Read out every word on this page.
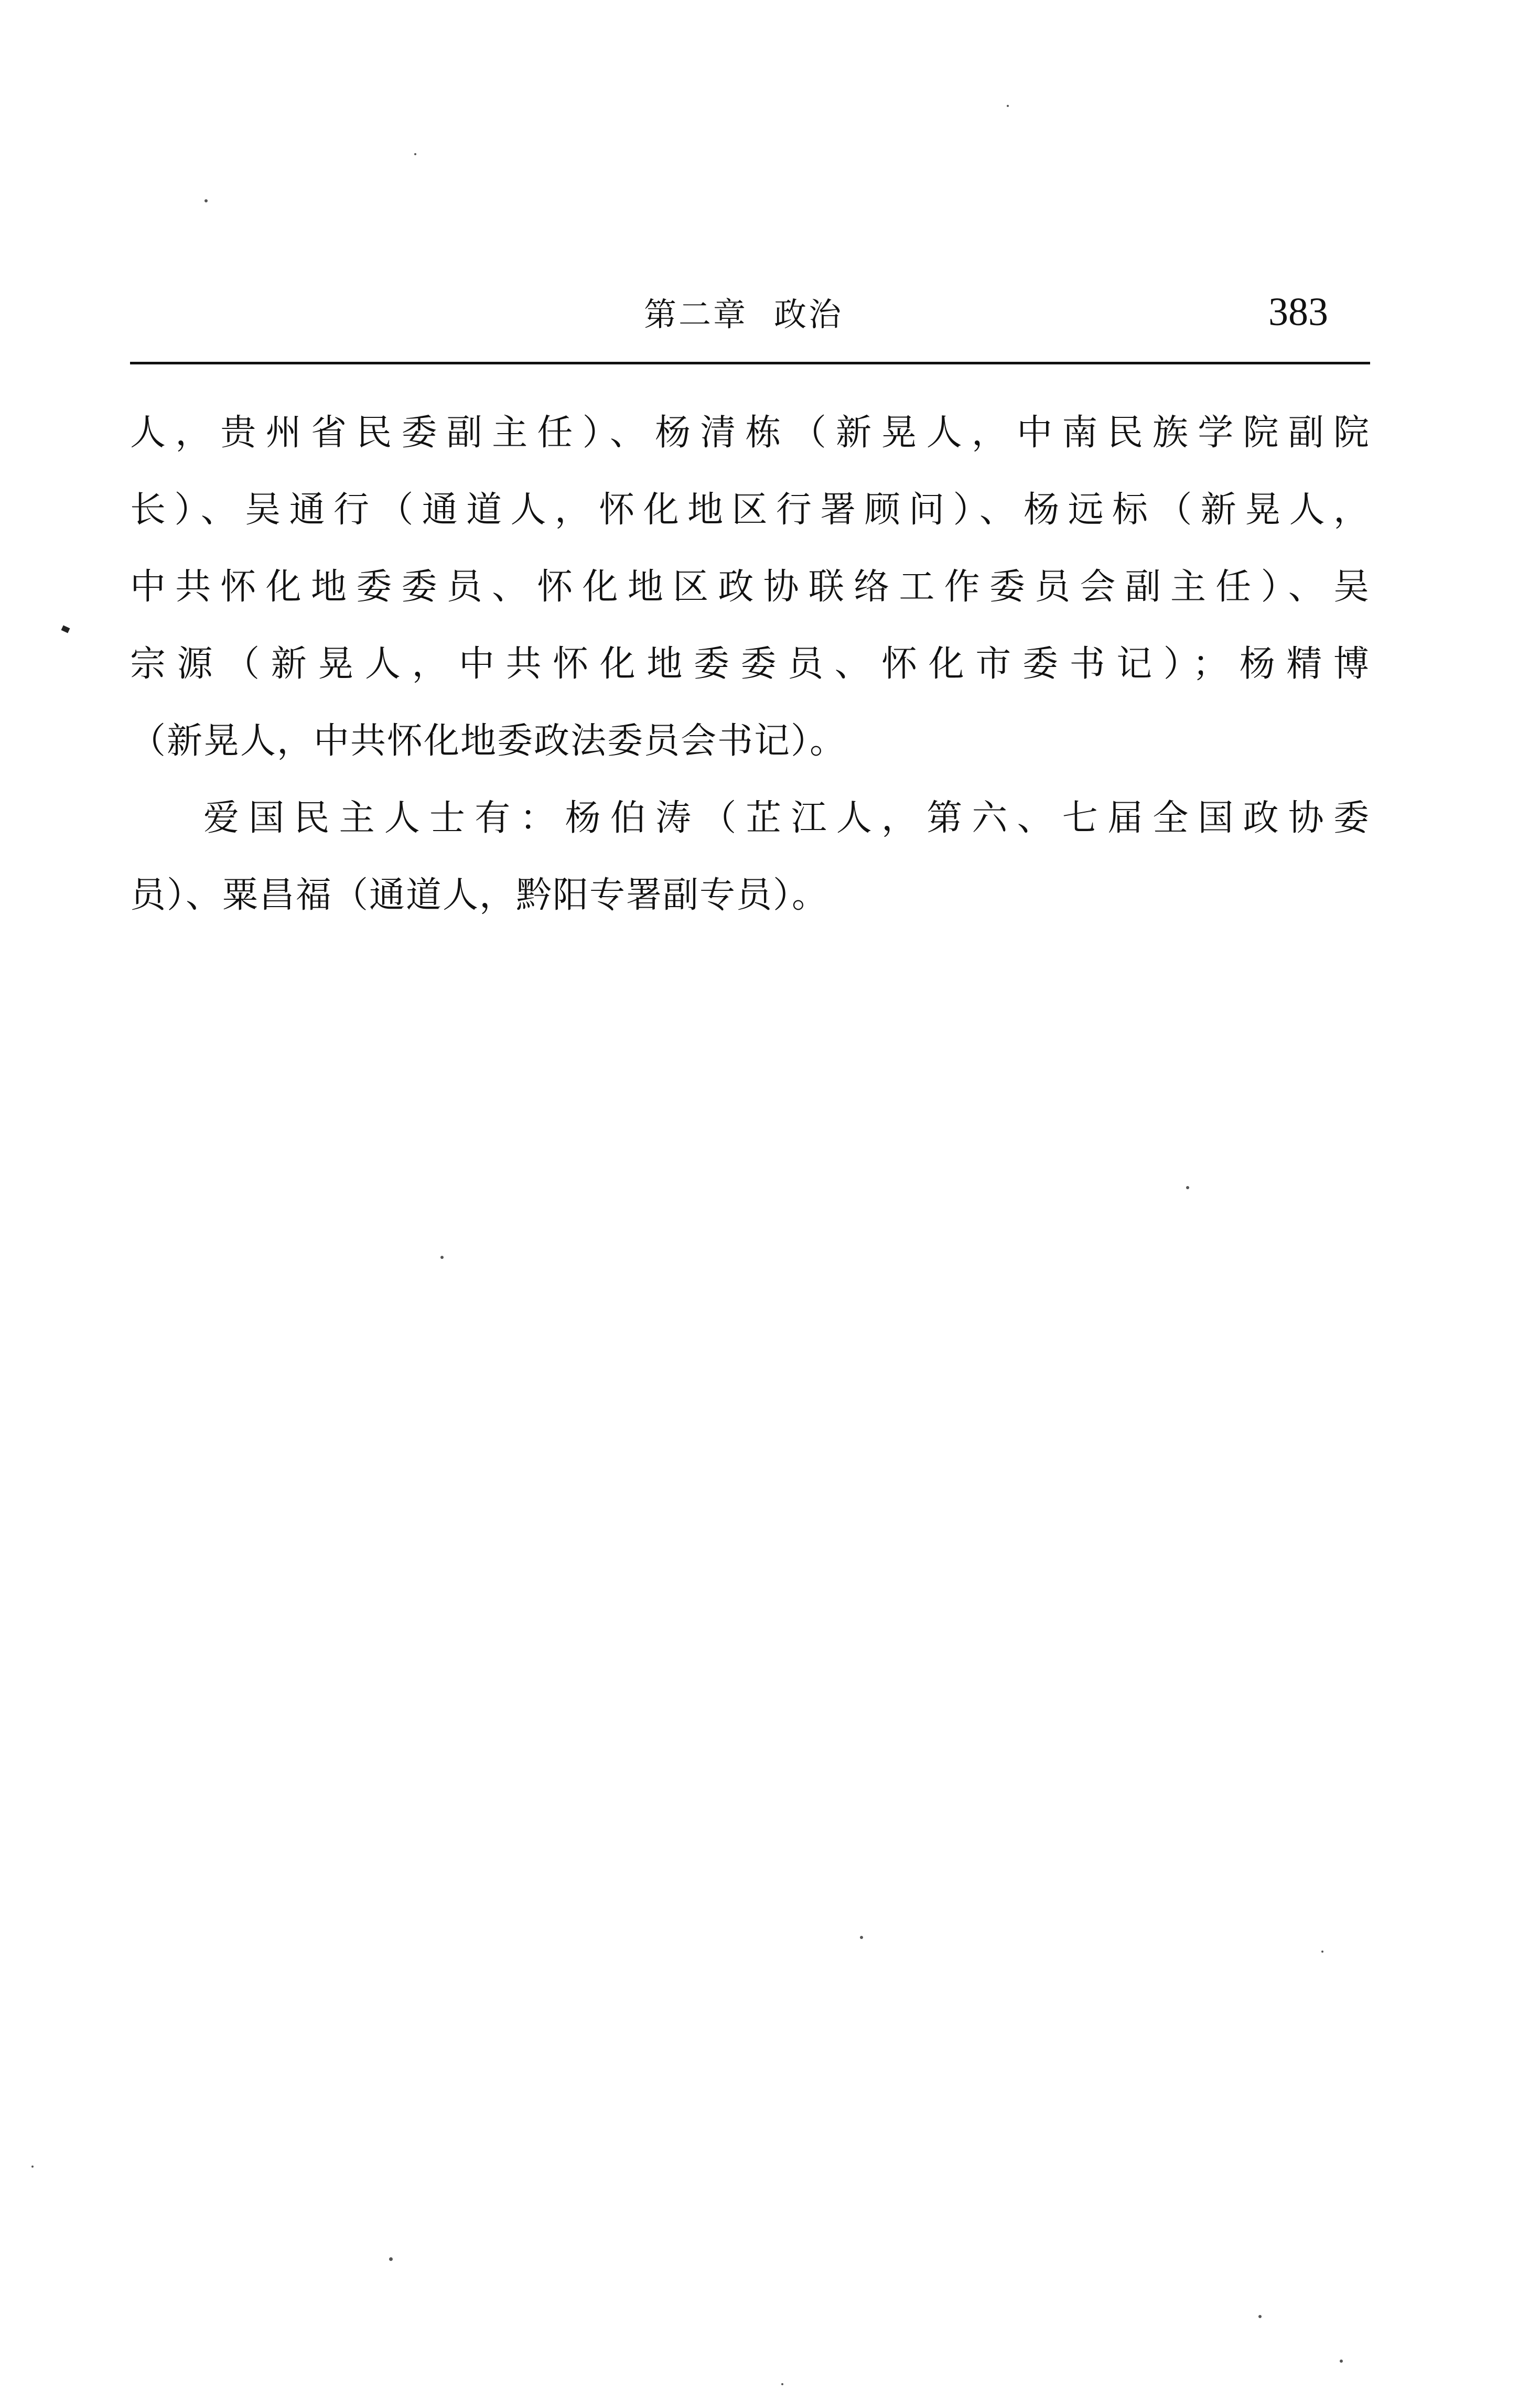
第二章 政治	383
人，贵州省民委副主任）、杨清栋（新晃人，中南民族学院副院
长）、吴通行（通道人，怀化地区行署顾问）、杨远标（新晃人，
中共怀化地委委员、怀化地区政协联络工作委员会副主任）、吴
宗源（新晃人，中共怀化地委委员、怀化市委书记）；杨精博
（新晃人，中共怀化地委政法委员会书记）。
爱国民主人士有：杨伯涛（芷江人，第六、七届全国政协委
员）、粟昌福（通道人，黔阳专署副专员）。
